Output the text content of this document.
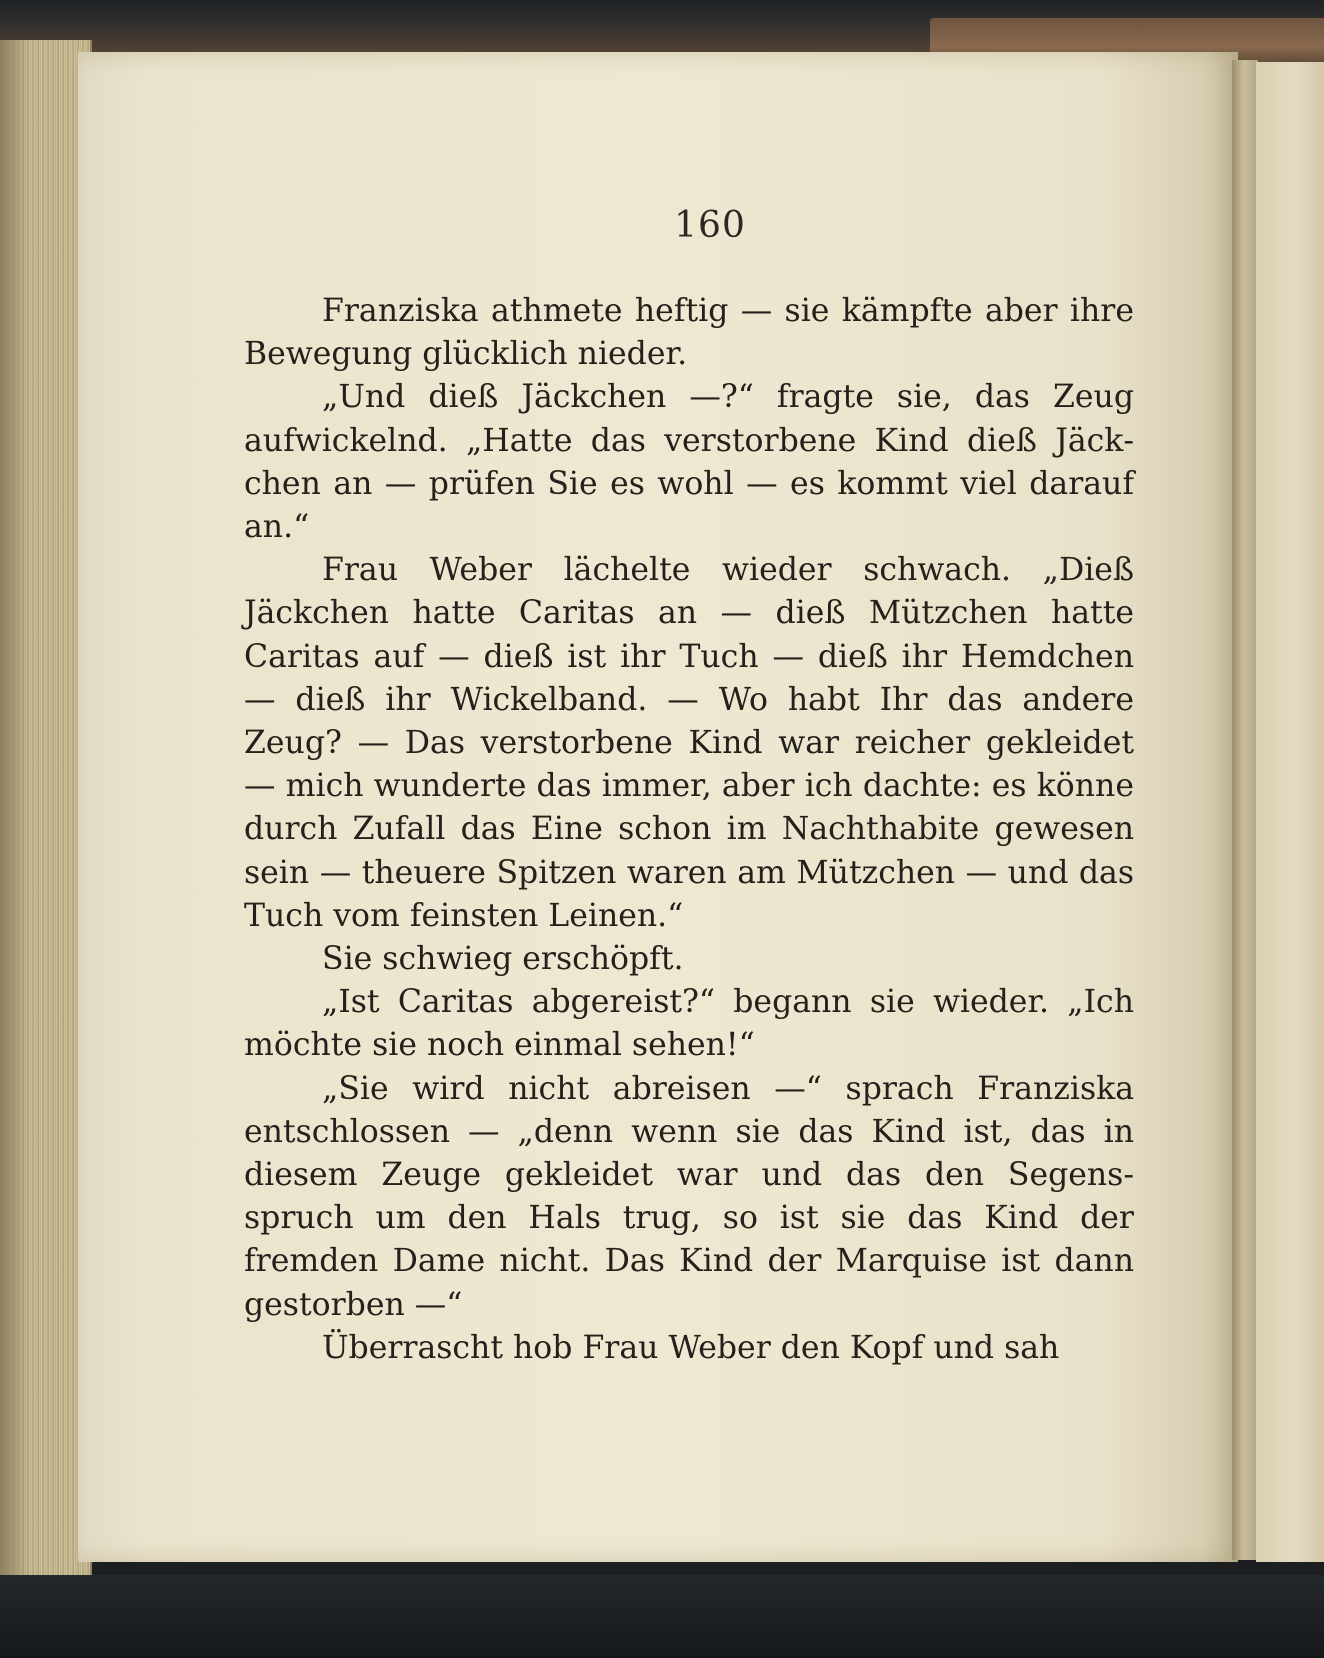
160

Franziska athmete heftig — sie kämpfte aber ihre Bewegung glücklich nieder.

„Und dieß Jäckchen —?“ fragte sie, das Zeug aufwickelnd. „Hatte das verstorbene Kind dieß Jäckchen an — prüfen Sie es wohl — es kommt viel darauf an.“

Frau Weber lächelte wieder schwach. „Dieß Jäckchen hatte Caritas an — dieß Mützchen hatte Caritas auf — dieß ist ihr Tuch — dieß ihr Hemdchen — dieß ihr Wickelband. — Wo habt Ihr das andere Zeug? — Das verstorbene Kind war reicher gekleidet — mich wunderte das immer, aber ich dachte: es könne durch Zufall das Eine schon im Nachthabite gewesen sein — theuere Spitzen waren am Mützchen — und das Tuch vom feinsten Leinen.“

Sie schwieg erschöpft.

„Ist Caritas abgereist?“ begann sie wieder. „Ich möchte sie noch einmal sehen!“

„Sie wird nicht abreisen —“ sprach Franziska entschlossen — „denn wenn sie das Kind ist, das in diesem Zeuge gekleidet war und das den Segensspruch um den Hals trug, so ist sie das Kind der fremden Dame nicht. Das Kind der Marquise ist dann gestorben —“

Überrascht hob Frau Weber den Kopf und sah
